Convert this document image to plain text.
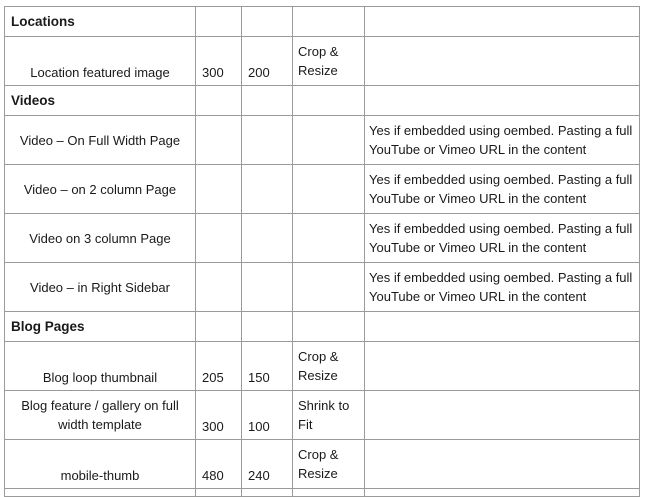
Locations				
Location featured image	300	200	Crop & Resize	
Videos				
Video – On Full Width Page				Yes if embedded using oembed. Pasting a full YouTube or Vimeo URL in the content
Video – on 2 column Page				Yes if embedded using oembed. Pasting a full YouTube or Vimeo URL in the content
Video on 3 column Page				Yes if embedded using oembed. Pasting a full YouTube or Vimeo URL in the content
Video – in Right Sidebar				Yes if embedded using oembed. Pasting a full YouTube or Vimeo URL in the content
Blog Pages				
Blog loop thumbnail	205	150	Crop & Resize	
Blog feature / gallery on full width template	300	100	Shrink to Fit	
mobile-thumb	480	240	Crop & Resize	
